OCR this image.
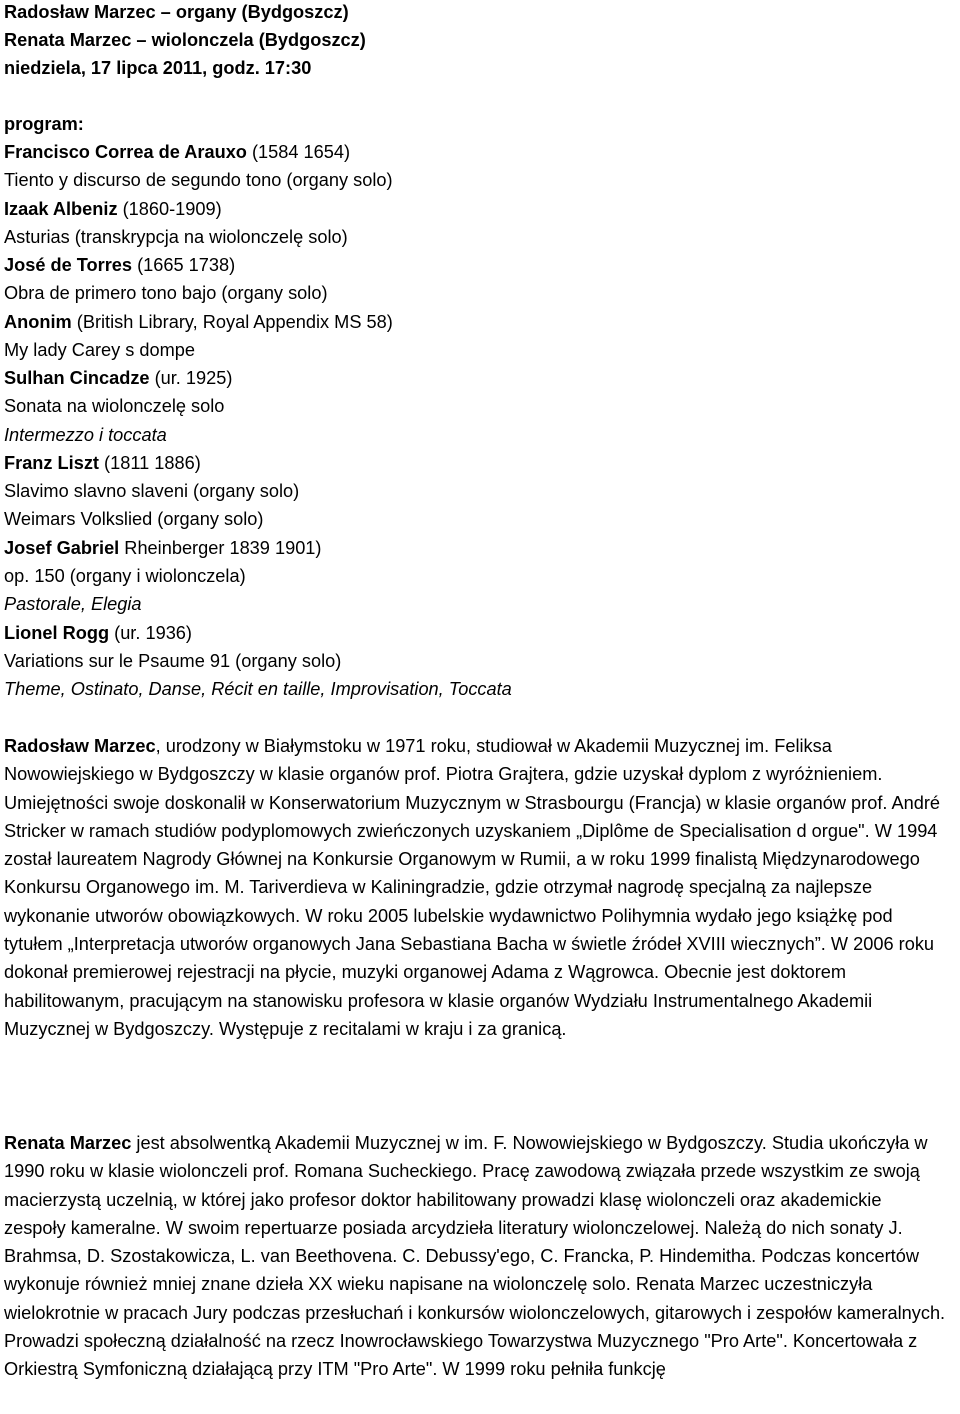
Radosław Marzec – organy (Bydgoszcz)
Renata Marzec – wiolonczela (Bydgoszcz)
niedziela, 17 lipca 2011, godz. 17:30
program:
Francisco Correa de Arauxo (1584 1654)
Tiento y discurso de segundo tono (organy solo)
Izaak Albeniz (1860-1909)
Asturias (transkrypcja na wiolonczelę solo)
José de Torres (1665 1738)
Obra de primero tono bajo (organy solo)
Anonim (British Library, Royal Appendix MS 58)
My lady Carey s dompe
Sulhan Cincadze (ur. 1925)
Sonata na wiolonczelę solo
Intermezzo i toccata
Franz Liszt (1811 1886)
Slavimo slavno slaveni (organy solo)
Weimars Volkslied (organy solo)
Josef Gabriel Rheinberger 1839 1901)
op. 150 (organy i wiolonczela)
Pastorale, Elegia
Lionel Rogg (ur. 1936)
Variations sur le Psaume 91 (organy solo)
Theme, Ostinato, Danse, Récit en taille, Improvisation, Toccata
Radosław Marzec, urodzony w Białymstoku w 1971 roku, studiował w Akademii Muzycznej im. Feliksa Nowowiejskiego w Bydgoszczy w klasie organów prof. Piotra Grajtera, gdzie uzyskał dyplom z wyróżnieniem. Umiejętności swoje doskonalił w Konserwatorium Muzycznym w Strasbourgu (Francja) w klasie organów prof. André Stricker w ramach studiów podyplomowych zwieńczonych uzyskaniem „Diplôme de Specialisation d orgue". W 1994 został laureatem Nagrody Głównej na Konkursie Organowym w Rumii, a w roku 1999 finalistą Międzynarodowego Konkursu Organowego im. M. Tariverdieva w Kaliningradzie, gdzie otrzymał nagrodę specjalną za najlepsze wykonanie utworów obowiązkowych. W roku 2005 lubelskie wydawnictwo Polihymnia wydało jego książkę pod tytułem „Interpretacja utworów organowych Jana Sebastiana Bacha w świetle źródeł XVIII wiecznych”. W 2006 roku dokonał premierowej rejestracji na płycie, muzyki organowej Adama z Wągrowca. Obecnie jest doktorem habilitowanym, pracującym na stanowisku profesora w klasie organów Wydziału Instrumentalnego Akademii Muzycznej w Bydgoszczy. Występuje z recitalami w kraju i za granicą.
Renata Marzec jest absolwentką Akademii Muzycznej w im. F. Nowowiejskiego w Bydgoszczy. Studia ukończyła w 1990 roku w klasie wiolonczeli prof. Romana Sucheckiego. Pracę zawodową związała przede wszystkim ze swoją macierzystą uczelnią, w której jako profesor doktor habilitowany prowadzi klasę wiolonczeli oraz akademickie zespoły kameralne. W swoim repertuarze posiada arcydzieła literatury wiolonczelowej. Należą do nich sonaty J. Brahmsa, D. Szostakowicza, L. van Beethovena. C. Debussy'ego, C. Francka, P. Hindemitha. Podczas koncertów wykonuje również mniej znane dzieła XX wieku napisane na wiolonczelę solo. Renata Marzec uczestniczyła wielokrotnie w pracach Jury podczas przesłuchań i konkursów wiolonczelowych, gitarowych i zespołów kameralnych. Prowadzi społeczną działalność na rzecz Inowrocławskiego Towarzystwa Muzycznego "Pro Arte". Koncertowała z Orkiestrą Symfoniczną działającą przy ITM "Pro Arte". W 1999 roku pełniła funkcję
